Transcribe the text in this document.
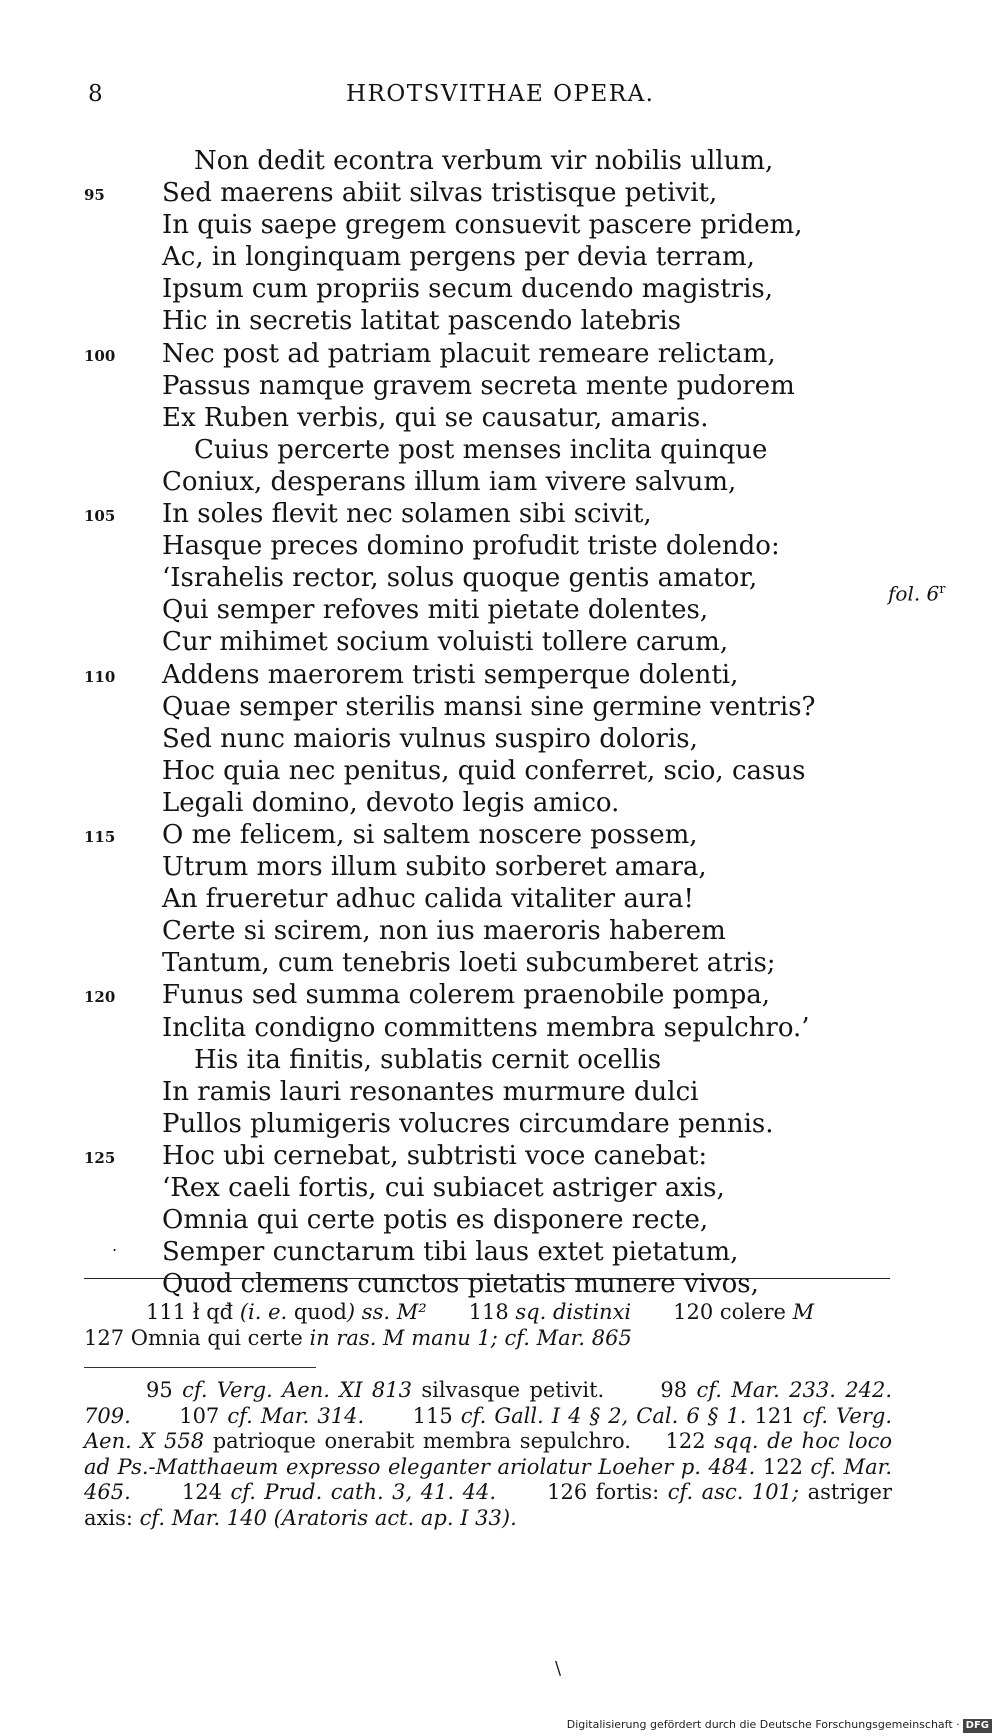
8	HROTSVITHAE OPERA.
Non dedit econtra verbum vir nobilis ullum,
95 Sed maerens abiit silvas tristisque petivit,
In quis saepe gregem consuevit pascere pridem,
Ac, in longinquam pergens per devia terram,
Ipsum cum propriis secum ducendo magistris,
Hic in secretis latitat pascendo latebris
100 Nec post ad patriam placuit remeare relictam,
Passus namque gravem secreta mente pudorem
Ex Ruben verbis, qui se causatur, amaris.
Cuius percerte post menses inclita quinque
Coniux, desperans illum iam vivere salvum,
105 In soles flevit nec solamen sibi scivit,
Hasque preces domino profudit triste dolendo:
‘Israhelis rector, solus quoque gentis amator,
Qui semper refoves miti pietate dolentes,
Cur mihimet socium voluisti tollere carum,
110 Addens maerorem tristi semperque dolenti,
Quae semper sterilis mansi sine germine ventris?
Sed nunc maioris vulnus suspiro doloris,
Hoc quia nec penitus, quid conferret, scio, casus
Legali domino, devoto legis amico.
115 O me felicem, si saltem noscere possem,
Utrum mors illum subito sorberet amara,
An frueretur adhuc calida vitaliter aura!
Certe si scirem, non ius maeroris haberem
Tantum, cum tenebris loeti subcumberet atris;
120 Funus sed summa colerem praenobile pompa,
Inclita condigno committens membra sepulchro.’
His ita finitis, sublatis cernit ocellis
In ramis lauri resonantes murmure dulci
Pullos plumigeris volucres circumdare pennis.
125 Hoc ubi cernebat, subtristi voce canebat:
‘Rex caeli fortis, cui subiacet astriger axis,
Omnia qui certe potis es disponere recte,
Semper cunctarum tibi laus extet pietatum,
Quod clemens cunctos pietatis munere vivos,
fol. 6$^r$
.

111 ł qđ (i. e. quod) ss. M² 118 sq. distinxi 120 colere M

127 Omnia qui certe in ras. M manu 1; cf. Mar. 865

95 cf. Verg. Aen. XI 813 silvasque petivit.      98 cf. Mar. 233. 242. 709.      107 cf. Mar. 314.      115 cf. Gall. I 4 § 2, Cal. 6 § 1. 121 cf. Verg. Aen. X 558 patrioque onerabit membra sepulchro.    122 sqq. de hoc loco ad Ps.-Matthaeum expresso eleganter ariolatur Loeher p. 484. 122 cf. Mar. 465.      124 cf. Prud. cath. 3, 41. 44.      126 fortis: cf. asc. 101; astriger axis: cf. Mar. 140 (Aratoris act. ap. I 33).

\
Digitalisierung gefördert durch die Deutsche Forschungsgemeinschaft · DFG
